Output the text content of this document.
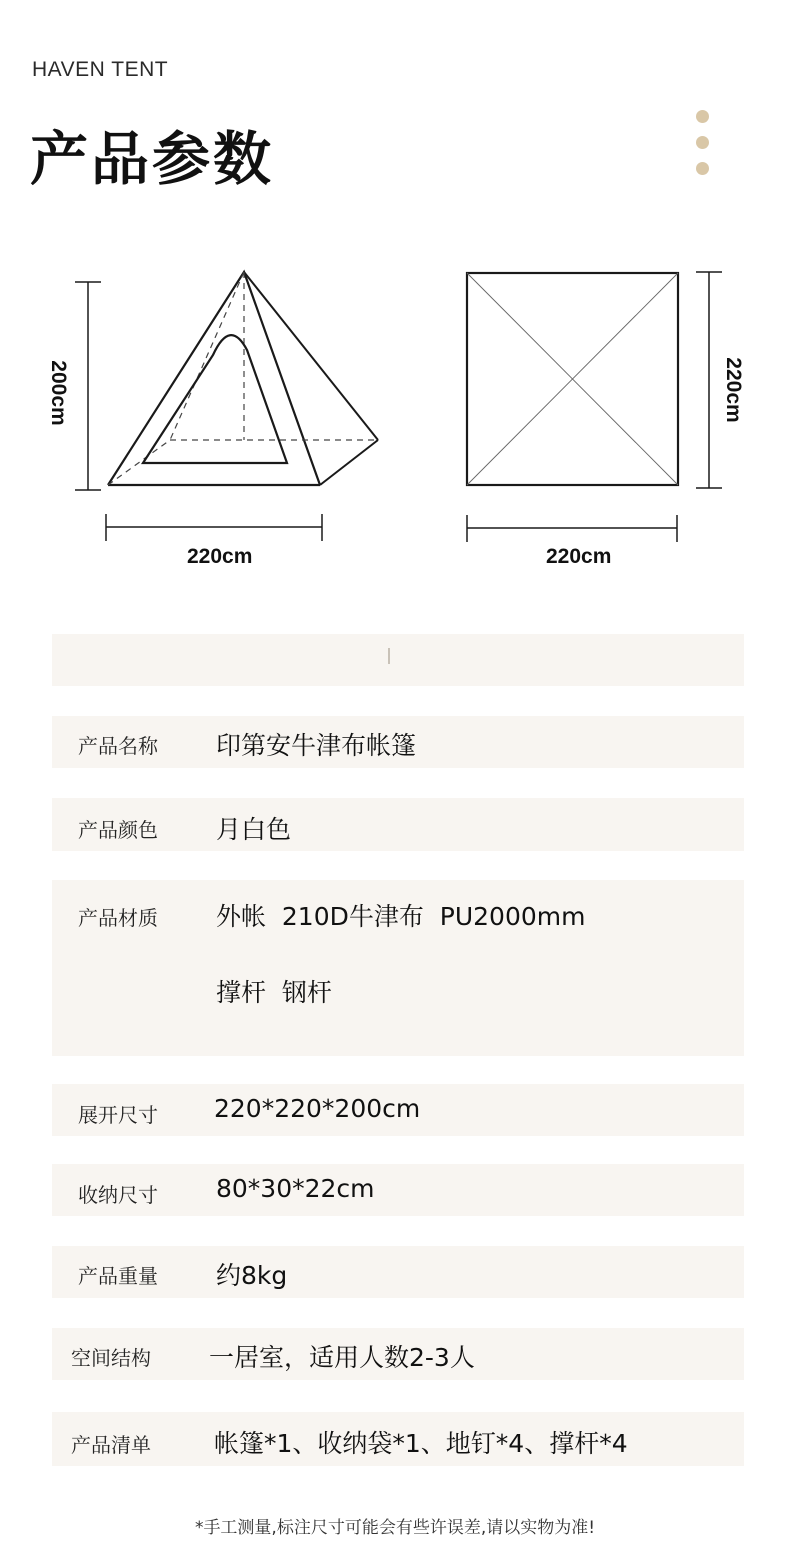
HAVEN TENT
产品参数
200cm
220cm
220cm
220cm
产品名称 印第安牛津布帐篷
产品颜色 月白色
产品材质 外帐  210D牛津布  PU2000mm
撑杆  钢杆
展开尺寸 220*220*200cm
收纳尺寸 80*30*22cm
产品重量 约8kg
空间结构 一居室，适用人数2-3人
产品清单	帐篷*1、收纳袋*1、地钉*4、撑杆*4
*手工测量,标注尺寸可能会有些许误差,请以实物为准!
